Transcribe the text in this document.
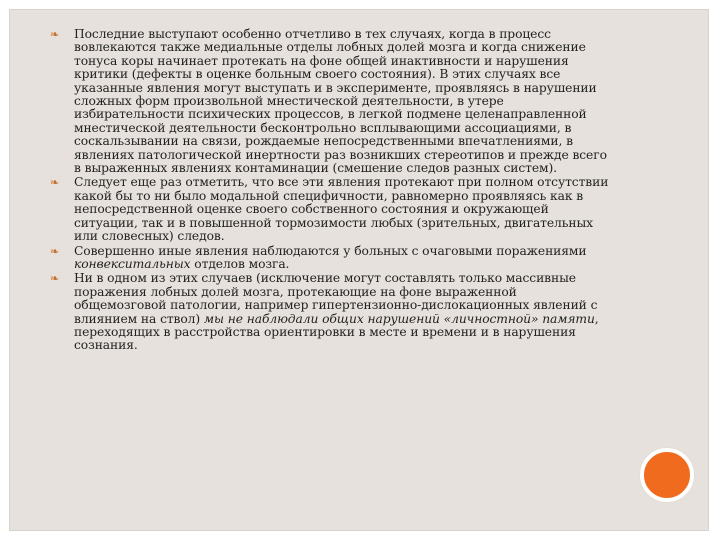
❧ Последние выступают особенно отчетливо в тех случаях, когда в процесс вовлекаются также медиальные отделы лобных долей мозга и когда снижение тонуса коры начинает протекать на фоне общей инактивности и нарушения критики (дефекты в оценке больным своего состояния). В этих случаях все указанные явления могут выступать и в эксперименте, проявляясь в нарушении сложных форм произвольной мнестической деятельности, в утере избирательности психических процессов, в легкой подмене целенаправленной мнестической деятельности бесконтрольно всплывающими ассоциациями, в соскальзывании на связи, рождаемые непосредственными впечатлениями, в явлениях патологической инертности раз возникших стереотипов и прежде всего в выраженных явлениях контаминации (смешение следов разных систем).

❧ Следует еще раз отметить, что все эти явления протекают при полном отсутствии какой бы то ни было модальной специфичности, равномерно проявляясь как в непосредственной оценке своего собственного состояния и окружающей ситуации, так и в повышенной тормозимости любых (зрительных, двигательных или словесных) следов.

❧ Совершенно иные явления наблюдаются у больных с очаговыми поражениями конвекситальных отделов мозга.

❧ Ни в одном из этих случаев (исключение могут составлять только массивные поражения лобных долей мозга, протекающие на фоне выраженной общемозговой патологии, например гипертензионно-дислокационных явлений с влиянием на ствол) мы не наблюдали общих нарушений «личностной» памяти, переходящих в расстройства ориентировки в месте и времени и в нарушения сознания.
